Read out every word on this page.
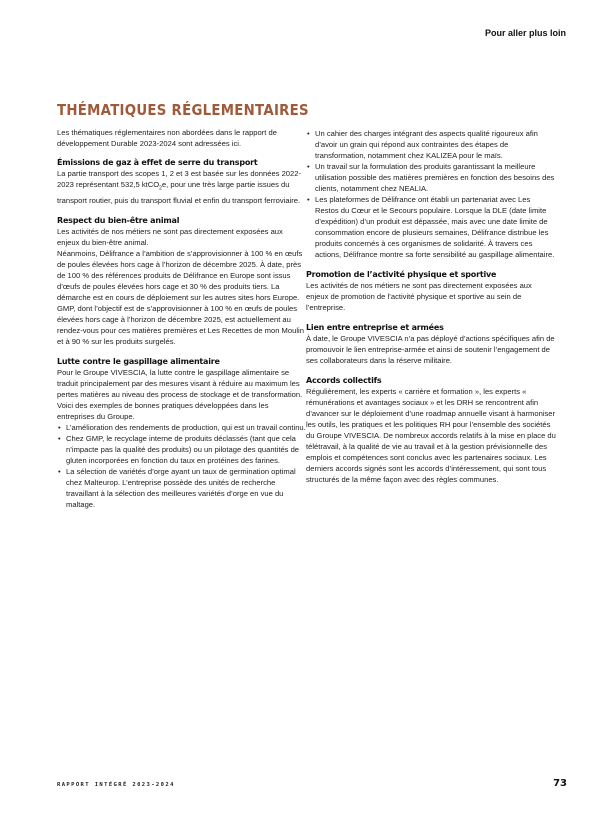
Pour aller plus loin
THÉMATIQUES RÉGLEMENTAIRES

Les thématiques réglementaires non abordées dans le rapport de développement Durable 2023-2024 sont adressées ici.

Émissions de gaz à effet de serre du transport

La partie transport des scopes 1, 2 et 3 est basée sur les données 2022-2023 représentant 532,5 ktCO$_2$e, pour une très large partie issues du transport routier, puis du transport fluvial et enfin du transport ferroviaire.

Respect du bien-être animal

Les activités de nos métiers ne sont pas directement exposées aux enjeux du bien-être animal.

Néanmoins, Délifrance a l’ambition de s’approvisionner à 100 % en œufs de poules élevées hors cage à l’horizon de décembre 2025. À date, près de 100 % des références produits de Délifrance en Europe sont issus d’œufs de poules élevées hors cage et 30 % des produits tiers. La démarche est en cours de déploiement sur les autres sites hors Europe.

GMP, dont l’objectif est de s’approvisionner à 100 % en œufs de poules élevées hors cage à l’horizon de décembre 2025, est actuellement au rendez-vous pour ces matières premières et Les Recettes de mon Moulin et à 90 % sur les produits surgelés.

Lutte contre le gaspillage alimentaire

Pour le Groupe VIVESCIA, la lutte contre le gaspillage alimentaire se traduit principalement par des mesures visant à réduire au maximum les pertes matières au niveau des process de stockage et de transformation. Voici des exemples de bonnes pratiques développées dans les entreprises du Groupe.

• L’amélioration des rendements de production, qui est un travail continu.
• Chez GMP, le recyclage interne de produits déclassés (tant que cela n’impacte pas la qualité des produits) ou un pilotage des quantités de gluten incorporées en fonction du taux en protéines des farines.
• La sélection de variétés d’orge ayant un taux de germination optimal chez Malteurop. L’entreprise possède des unités de recherche travaillant à la sélection des meilleures variétés d’orge en vue du maltage.
• Un cahier des charges intégrant des aspects qualité rigoureux afin d’avoir un grain qui répond aux contraintes des étapes de transformation, notamment chez KALIZEA pour le maïs.
• Un travail sur la formulation des produits garantissant la meilleure utilisation possible des matières premières en fonction des besoins des clients, notamment chez NEALIA.
• Les plateformes de Délifrance ont établi un partenariat avec Les Restos du Cœur et le Secours populaire. Lorsque la DLE (date limite d’expédition) d’un produit est dépassée, mais avec une date limite de consommation encore de plusieurs semaines, Délifrance distribue les produits concernés à ces organismes de solidarité. À travers ces actions, Délifrance montre sa forte sensibilité au gaspillage alimentaire.
Promotion de l’activité physique et sportive

Les activités de nos métiers ne sont pas directement exposées aux enjeux de promotion de l’activité physique et sportive au sein de l’entreprise.

Lien entre entreprise et armées

À date, le Groupe VIVESCIA n’a pas déployé d’actions spécifiques afin de promouvoir le lien entreprise-armée et ainsi de soutenir l’engagement de ses collaborateurs dans la réserve militaire.

Accords collectifs

Régulièrement, les experts « carrière et formation », les experts « rémunérations et avantages sociaux » et les DRH se rencontrent afin d’avancer sur le déploiement d’une roadmap annuelle visant à harmoniser les outils, les pratiques et les politiques RH pour l’ensemble des sociétés du Groupe VIVESCIA. De nombreux accords relatifs à la mise en place du télétravail, à la qualité de vie au travail et à la gestion prévisionnelle des emplois et compétences sont conclus avec les partenaires sociaux. Les derniers accords signés sont les accords d’intéressement, qui sont tous structurés de la même façon avec des règles communes.

RAPPORT INTÉGRÉ 2023-2024	73
